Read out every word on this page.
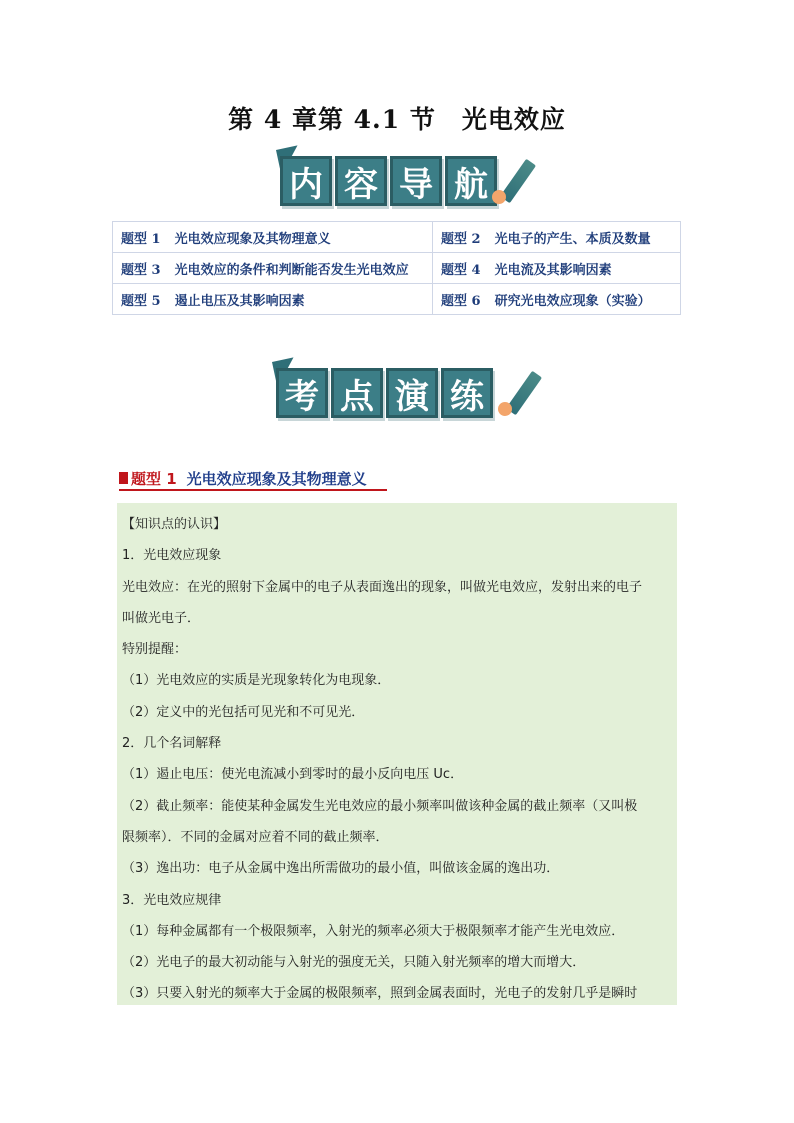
第 4 章第 4.1 节　光电效应
内 容 导 航
题型 1 光电效应现象及其物理意义	题型 2 光电子的产生、本质及数量
题型 3 光电效应的条件和判断能否发生光电效应	题型 4 光电流及其影响因素
题型 5 遏止电压及其影响因素	题型 6 研究光电效应现象（实验）
考 点 演 练
题型 1 光电效应现象及其物理意义

【知识点的认识】

1．光电效应现象

光电效应：在光的照射下金属中的电子从表面逸出的现象，叫做光电效应，发射出来的电子

叫做光电子．

特别提醒：

（1）光电效应的实质是光现象转化为电现象．

（2）定义中的光包括可见光和不可见光．

2．几个名词解释

（1）遏止电压：使光电流减小到零时的最小反向电压 Uc．

（2）截止频率：能使某种金属发生光电效应的最小频率叫做该种金属的截止频率（又叫极

限频率）．不同的金属对应着不同的截止频率．

（3）逸出功：电子从金属中逸出所需做功的最小值，叫做该金属的逸出功．

3．光电效应规律

（1）每种金属都有一个极限频率，入射光的频率必须大于极限频率才能产生光电效应．

（2）光电子的最大初动能与入射光的强度无关，只随入射光频率的增大而增大．

（3）只要入射光的频率大于金属的极限频率，照到金属表面时，光电子的发射几乎是瞬时
